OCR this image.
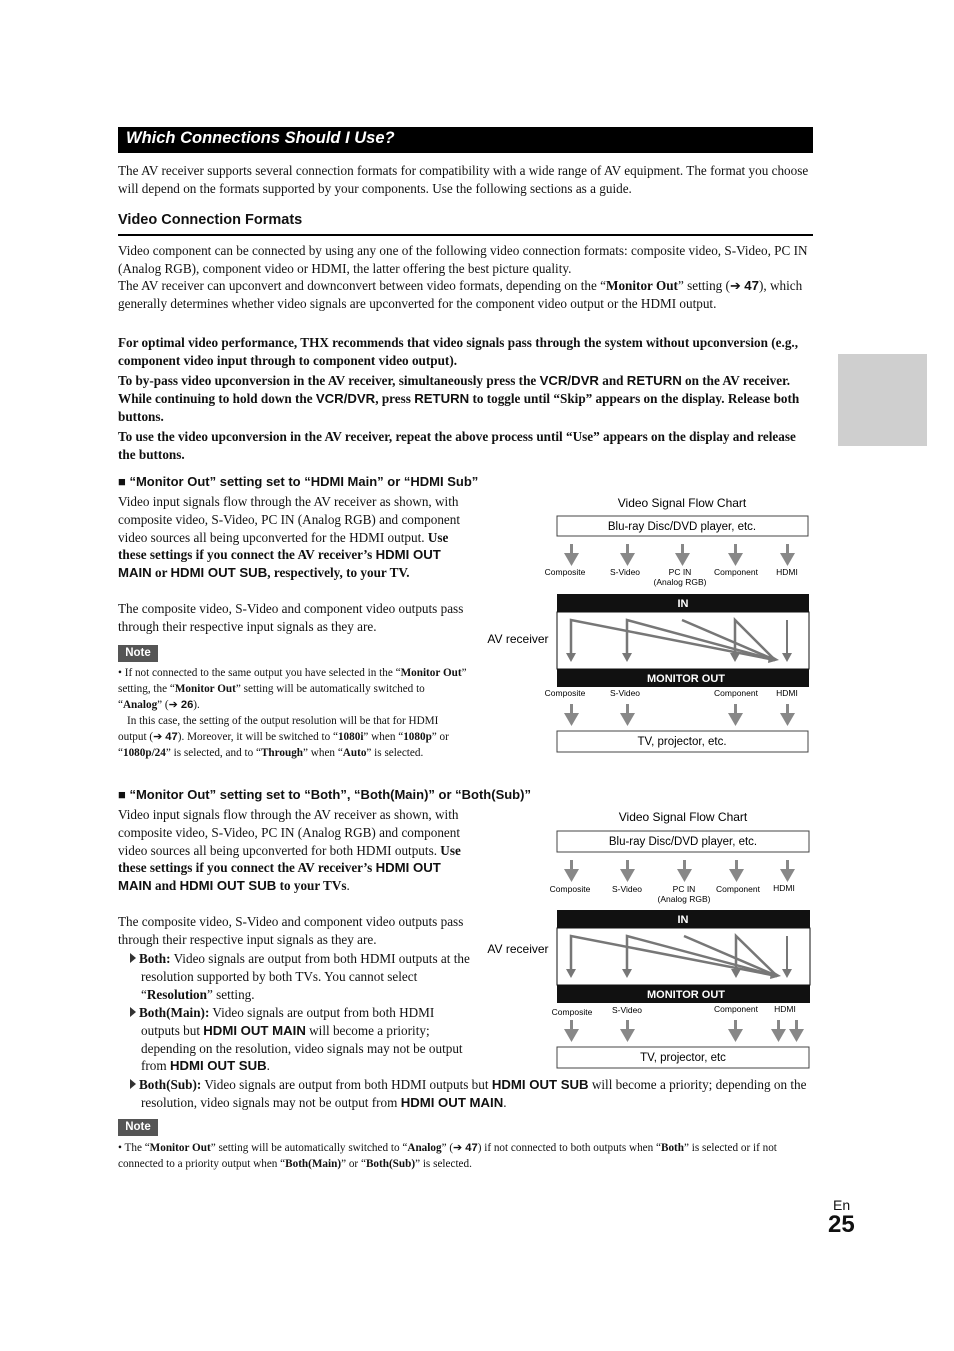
Which Connections Should I Use?
The AV receiver supports several connection formats for compatibility with a wide range of AV equipment. The format you choose will depend on the formats supported by your components. Use the following sections as a guide.
Video Connection Formats
Video component can be connected by using any one of the following video connection formats: composite video, S-Video, PC IN (Analog RGB), component video or HDMI, the latter offering the best picture quality.
The AV receiver can upconvert and downconvert between video formats, depending on the “Monitor Out” setting (➔ 47), which generally determines whether video signals are upconverted for the component video output or the HDMI output.
For optimal video performance, THX recommends that video signals pass through the system without upconversion (e.g., component video input through to component video output).
To by-pass video upconversion in the AV receiver, simultaneously press the VCR/DVR and RETURN on the AV receiver. While continuing to hold down the VCR/DVR, press RETURN to toggle until “Skip” appears on the display. Release both buttons.
To use the video upconversion in the AV receiver, repeat the above process until “Use” appears on the display and release the buttons.
■ “Monitor Out” setting set to “HDMI Main” or “HDMI Sub”
Video input signals flow through the AV receiver as shown, with composite video, S-Video, PC IN (Analog RGB) and component video sources all being upconverted for the HDMI output. Use these settings if you connect the AV receiver’s HDMI OUT MAIN or HDMI OUT SUB, respectively, to your TV.
The composite video, S-Video and component video outputs pass through their respective input signals as they are.
Note
• If not connected to the same output you have selected in the “Monitor Out” setting, the “Monitor Out” setting will be automatically switched to “Analog” (➔ 26).
In this case, the setting of the output resolution will be that for HDMI output (➔ 47). Moreover, it will be switched to “1080i” when “1080p” or “1080p/24” is selected, and to “Through” when “Auto” is selected.
Video Signal Flow Chart
Blu-ray Disc/DVD player, etc.
Composite	S-Video	PC IN
(Analog RGB)
Component HDMI
IN
AV receiver
MONITOR OUT
Composite	S-Video	Component HDMI
TV, projector, etc.
■ “Monitor Out” setting set to “Both”, “Both(Main)” or “Both(Sub)”
Video input signals flow through the AV receiver as shown, with composite video, S-Video, PC IN (Analog RGB) and component video sources all being upconverted for both HDMI outputs. Use these settings if you connect the AV receiver’s HDMI OUT MAIN and HDMI OUT SUB to your TVs.
The composite video, S-Video and component video outputs pass through their respective input signals as they are.
Both: Video signals are output from both HDMI outputs at the resolution supported by both TVs. You cannot select “Resolution” setting.
Both(Main): Video signals are output from both HDMI outputs but HDMI OUT MAIN will become a priority; depending on the resolution, video signals may not be output from HDMI OUT SUB.
Both(Sub): Video signals are output from both HDMI outputs but HDMI OUT SUB will become a priority; depending on the resolution, video signals may not be output from HDMI OUT MAIN.
Note
• The “Monitor Out” setting will be automatically switched to “Analog” (➔ 47) if not connected to both outputs when “Both” is selected or if not connected to a priority output when “Both(Main)” or “Both(Sub)” is selected.
Video Signal Flow Chart
Blu-ray Disc/DVD player, etc.
Composite	S-Video	PC IN
(Analog RGB)
Component HDMI
IN
AV receiver
MONITOR OUT
Composite S-Video	Component HDMI
TV, projector, etc
En
25
